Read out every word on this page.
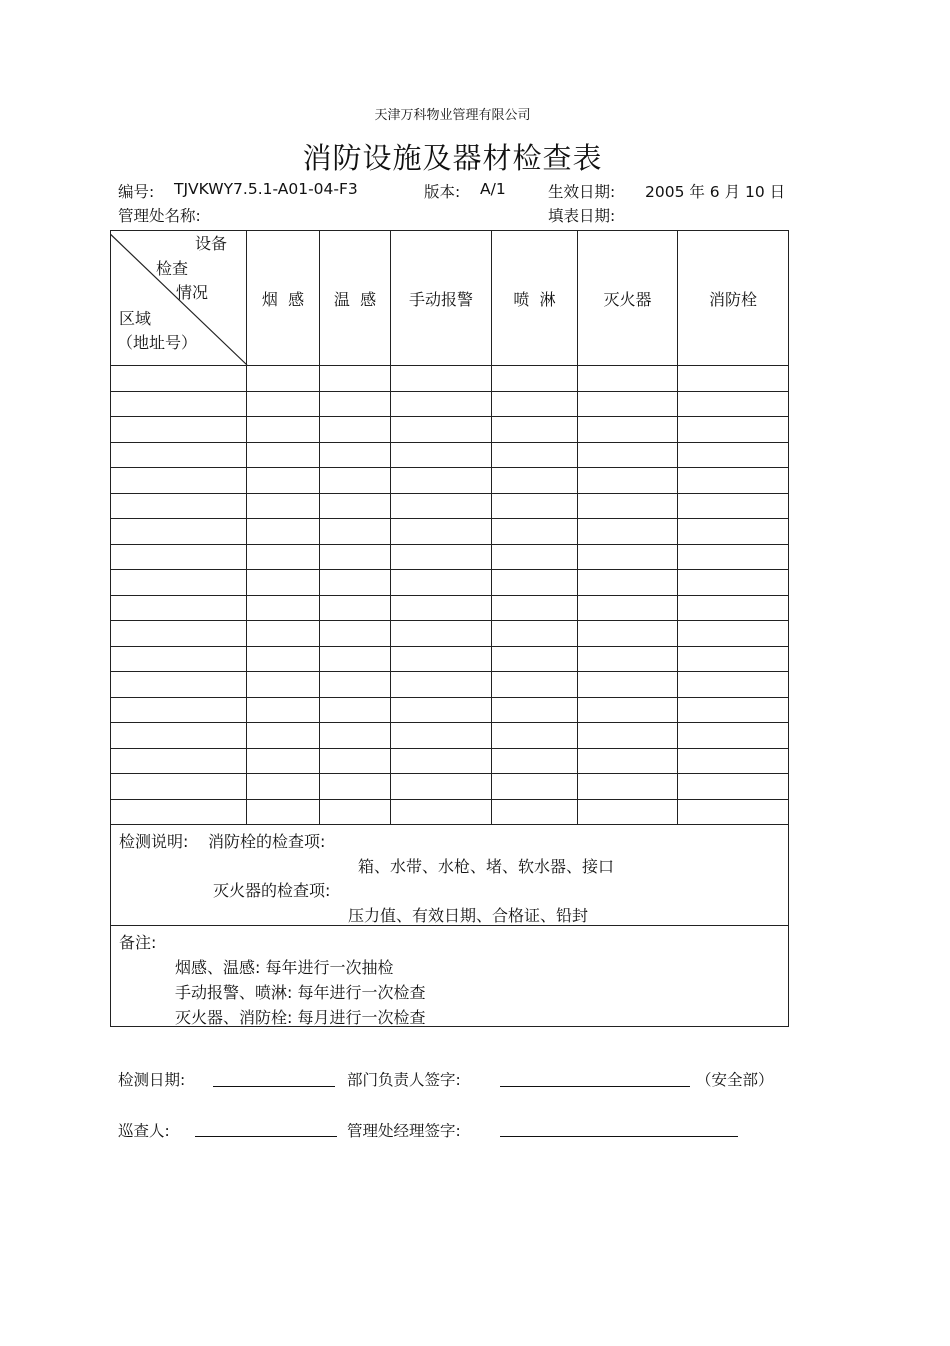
天津万科物业管理有限公司
消防设施及器材检查表
编号: TJVKWY7.5.1-A01-04-F3	版本: A/1	生效日期: 2005 年 6 月 10 日
管理处名称:	填表日期:
设备
检查
情况
区域
（地址号）	烟  感	温  感	手动报警	喷  淋	灭火器	消防栓

检测说明: 消防栓的检查项:
箱、水带、水枪、堵、软水器、接口
灭火器的检查项:
压力值、有效日期、合格证、铅封						

备注:
烟感、温感: 每年进行一次抽检
手动报警、喷淋: 每年进行一次检查
灭火器、消防栓: 每月进行一次检查						
检测日期:	部门负责人签字:	（安全部）
巡查人:	管理处经理签字:
